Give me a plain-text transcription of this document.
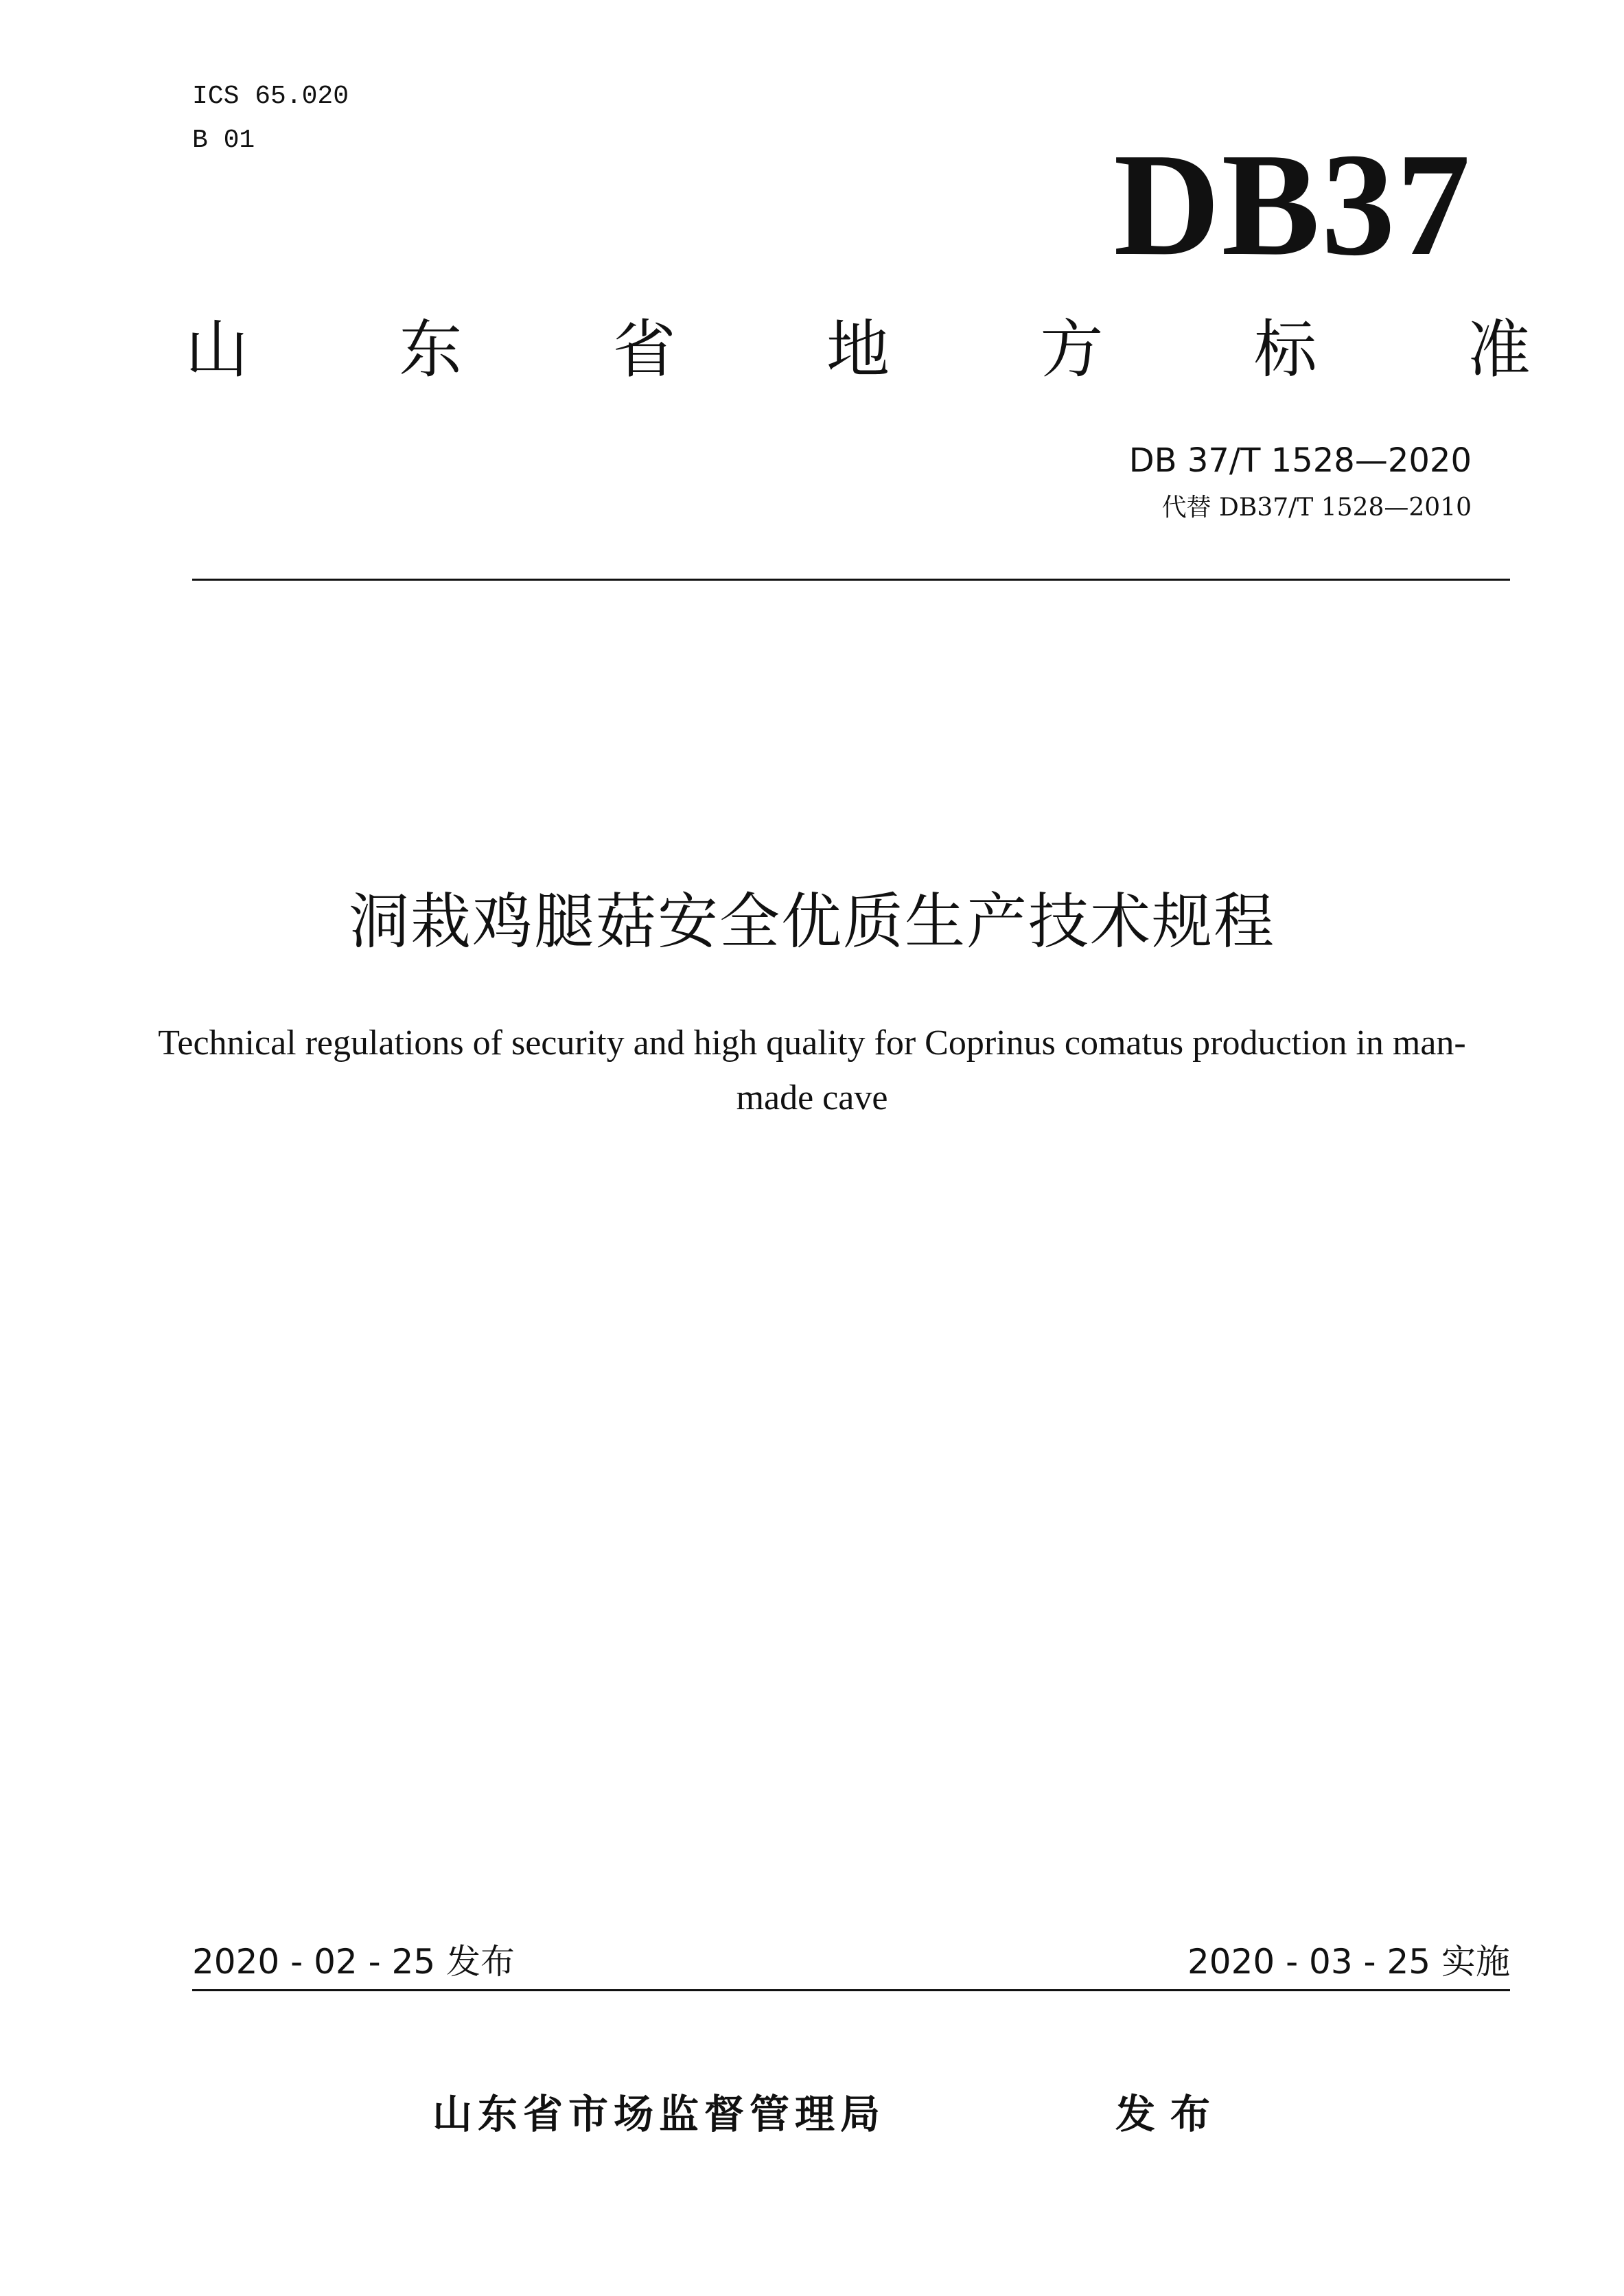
ICS 65.020
B 01	DB37
山 东 省 地 方 标 准
DB 37/T 1528—2020
代替 DB37/T 1528—2010
洞栽鸡腿菇安全优质生产技术规程
Technical regulations of security and high quality for Coprinus comatus production in man-made cave
2020 - 02 - 25 发布	2020 - 03 - 25 实施
山东省市场监督管理局	发布
